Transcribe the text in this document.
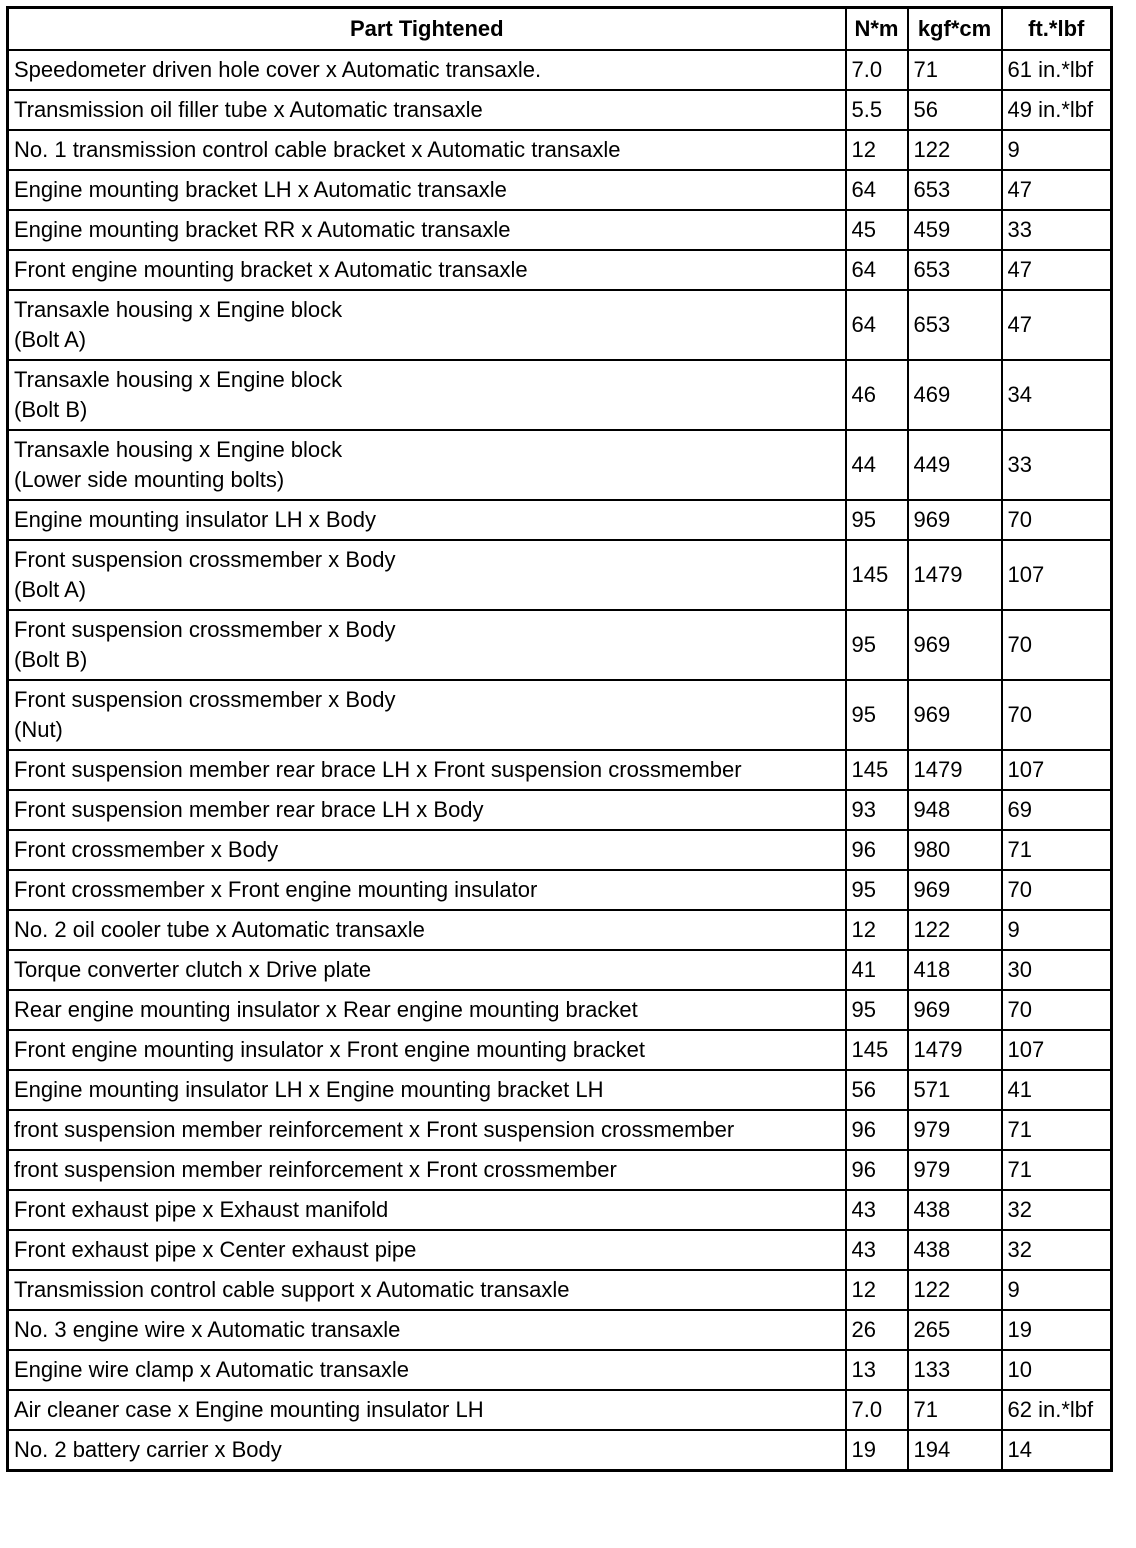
Part Tightened	N*m	kgf*cm	ft.*lbf
Speedometer driven hole cover x Automatic transaxle.	7.0	71	61 in.*lbf
Transmission oil filler tube x Automatic transaxle	5.5	56	49 in.*lbf
No. 1 transmission control cable bracket x Automatic transaxle	12	122	9
Engine mounting bracket LH x Automatic transaxle	64	653	47
Engine mounting bracket RR x Automatic transaxle	45	459	33
Front engine mounting bracket x Automatic transaxle	64	653	47
Transaxle housing x Engine block
(Bolt A)	64	653	47
Transaxle housing x Engine block
(Bolt B)	46	469	34
Transaxle housing x Engine block
(Lower side mounting bolts)	44	449	33
Engine mounting insulator LH x Body	95	969	70
Front suspension crossmember x Body
(Bolt A)	145	1479	107
Front suspension crossmember x Body
(Bolt B)	95	969	70
Front suspension crossmember x Body
(Nut)	95	969	70
Front suspension member rear brace LH x Front suspension crossmember	145	1479	107
Front suspension member rear brace LH x Body	93	948	69
Front crossmember x Body	96	980	71
Front crossmember x Front engine mounting insulator	95	969	70
No. 2 oil cooler tube x Automatic transaxle	12	122	9
Torque converter clutch x Drive plate	41	418	30
Rear engine mounting insulator x Rear engine mounting bracket	95	969	70
Front engine mounting insulator x Front engine mounting bracket	145	1479	107
Engine mounting insulator LH x Engine mounting bracket LH	56	571	41
front suspension member reinforcement x Front suspension crossmember	96	979	71
front suspension member reinforcement x Front crossmember	96	979	71
Front exhaust pipe x Exhaust manifold	43	438	32
Front exhaust pipe x Center exhaust pipe	43	438	32
Transmission control cable support x Automatic transaxle	12	122	9
No. 3 engine wire x Automatic transaxle	26	265	19
Engine wire clamp x Automatic transaxle	13	133	10
Air cleaner case x Engine mounting insulator LH	7.0	71	62 in.*lbf
No. 2 battery carrier x Body	19	194	14
